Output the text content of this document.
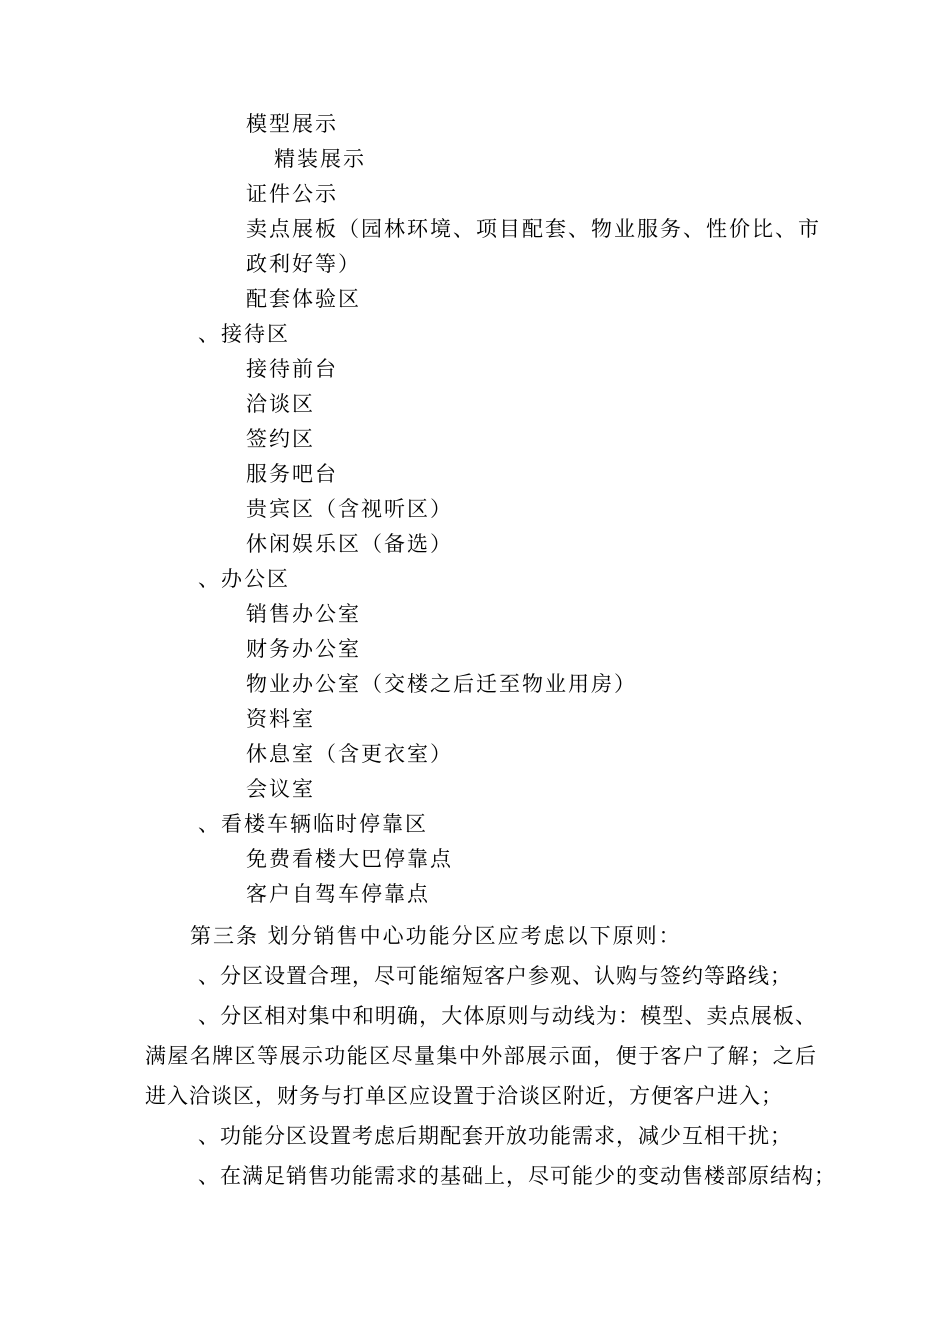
模型展示
精装展示
证件公示
卖点展板（园林环境、项目配套、物业服务、性价比、市
政利好等）
配套体验区
、接待区
接待前台
洽谈区
签约区
服务吧台
贵宾区（含视听区）
休闲娱乐区（备选）
、办公区
销售办公室
财务办公室
物业办公室（交楼之后迁至物业用房）
资料室
休息室（含更衣室）
会议室
、看楼车辆临时停靠区
免费看楼大巴停靠点
客户自驾车停靠点
第三条 划分销售中心功能分区应考虑以下原则：
、分区设置合理，尽可能缩短客户参观、认购与签约等路线；
、分区相对集中和明确，大体原则与动线为：模型、卖点展板、满屋名牌区等展示功能区尽量集中外部展示面，便于客户了解；之后进入洽谈区，财务与打单区应设置于洽谈区附近，方便客户进入；
、功能分区设置考虑后期配套开放功能需求，减少互相干扰；
、在满足销售功能需求的基础上，尽可能少的变动售楼部原结构；
